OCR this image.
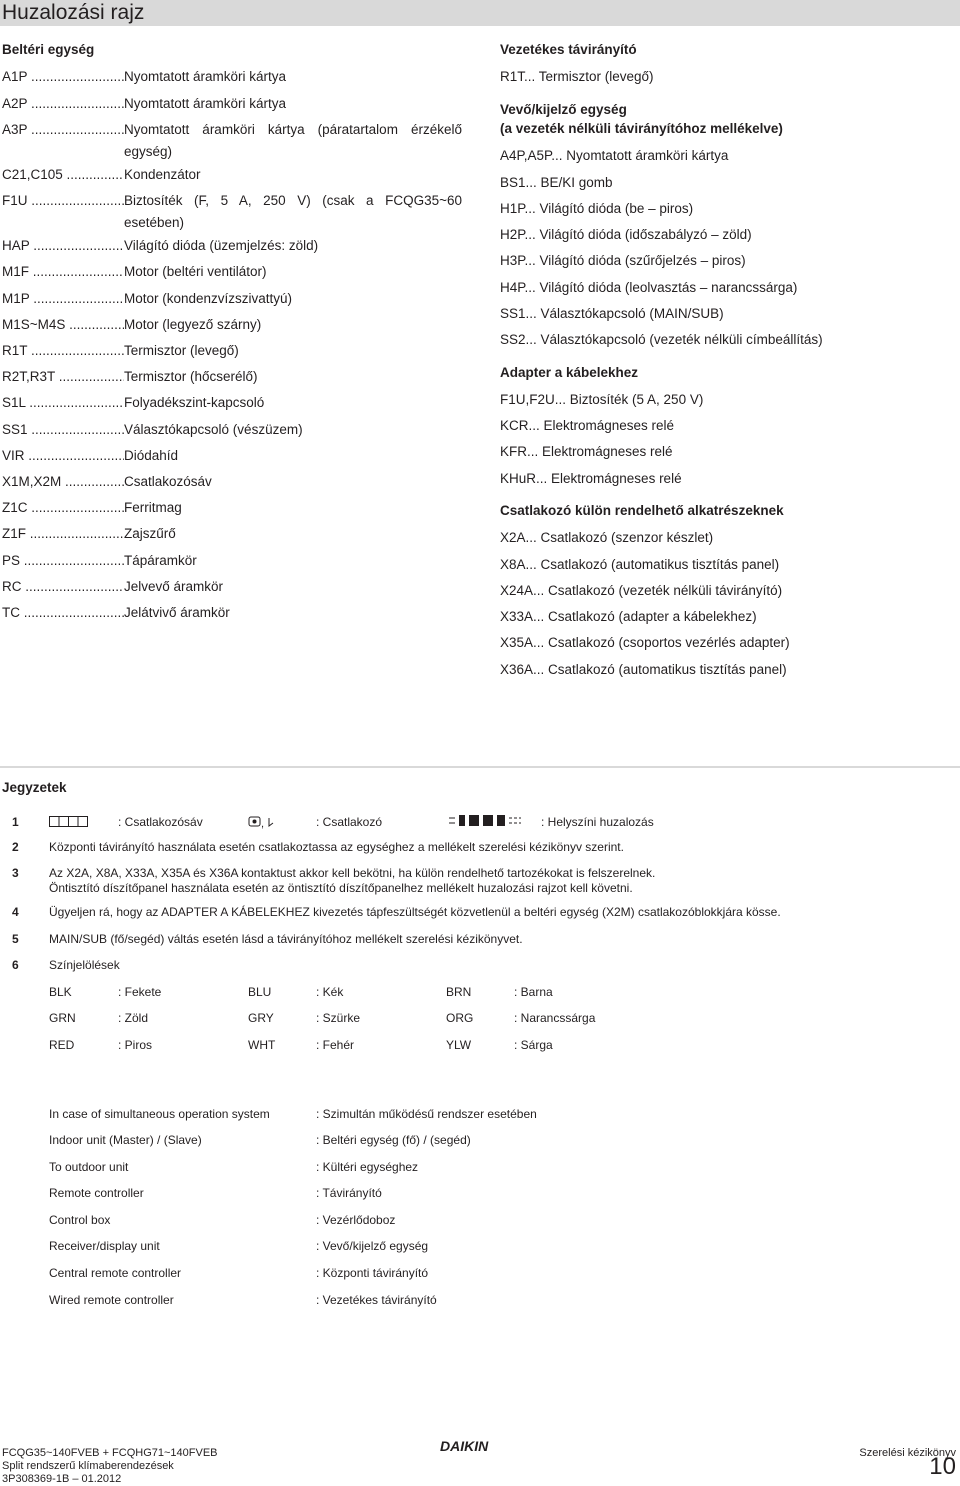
Huzalozási rajz
Beltéri egység
A1P .....	Nyomtatott áramköri kártya
A2P .....	Nyomtatott áramköri kártya
A3P .....	Nyomtatott áramköri kártya (páratartalom érzékelő egység)
C21,C105 .....	Kondenzátor
F1U .....	Biztosíték (F, 5 A, 250 V) (csak a FCQG35~60 esetében)
HAP .....	Világító dióda (üzemjelzés: zöld)
M1F .....	Motor (beltéri ventilátor)
M1P .....	Motor (kondenzvízszivattyú)
M1S~M4S .....	Motor (legyező szárny)
R1T .....	Termisztor (levegő)
R2T,R3T .....	Termisztor (hőcserélő)
S1L .....	Folyadékszint-kapcsoló
SS1 .....	Választókapcsoló (vészüzem)
VIR .....	Diódahíd
X1M,X2M .....	Csatlakozósáv
Z1C .....	Ferritmag
Z1F .....	Zajszűrő
PS .....	Tápáramkör
RC .....	Jelvevő áramkör
TC .....	Jelátvivő áramkör
Vezetékes távirányító
R1T... Termisztor (levegő)
Vevő/kijelző egység
(a vezeték nélküli távirányítóhoz mellékelve)
A4P,A5P... Nyomtatott áramköri kártya
BS1... BE/KI gomb
H1P... Világító dióda (be – piros)
H2P... Világító dióda (időszabályzó – zöld)
H3P... Világító dióda (szűrőjelzés – piros)
H4P... Világító dióda (leolvasztás – narancssárga)
SS1... Választókapcsoló (MAIN/SUB)
SS2... Választókapcsoló (vezeték nélküli címbeállítás)
Adapter a kábelekhez
F1U,F2U... Biztosíték (5 A, 250 V)
KCR... Elektromágneses relé
KFR... Elektromágneses relé
KHuR... Elektromágneses relé
Csatlakozó külön rendelhető alkatrészeknek
X2A... Csatlakozó (szenzor készlet)
X8A... Csatlakozó (automatikus tisztítás panel)
X24A... Csatlakozó (vezeték nélküli távirányító)
X33A... Csatlakozó (adapter a kábelekhez)
X35A... Csatlakozó (csoportos vezérlés adapter)
X36A... Csatlakozó (automatikus tisztítás panel)
Jegyzetek
1	: Csatlakozósáv	,	: Csatlakozó	: Helyszíni huzalozás
2	Központi távirányító használata esetén csatlakoztassa az egységhez a mellékelt szerelési kézikönyv szerint.
3	Az X2A, X8A, X33A, X35A és X36A kontaktust akkor kell bekötni, ha külön rendelhető tartozékokat is felszerelnek.
Öntisztító díszítőpanel használata esetén az öntisztító díszítőpanelhez mellékelt huzalozási rajzot kell követni.
4	Ügyeljen rá, hogy az ADAPTER A KÁBELEKHEZ kivezetés tápfeszültségét közvetlenül a beltéri egység (X2M) csatlakozóblokkjára kösse.
5	MAIN/SUB (fő/segéd) váltás esetén lásd a távirányítóhoz mellékelt szerelési kézikönyvet.
6	Színjelölések
BLK	: Fekete	BLU	: Kék	BRN	: Barna
GRN	: Zöld	GRY	: Szürke	ORG	: Narancssárga
RED	: Piros	WHT	: Fehér	YLW	: Sárga
In case of simultaneous operation system	: Szimultán működésű rendszer esetében
Indoor unit (Master) / (Slave)	: Beltéri egység (fő) / (segéd)
To outdoor unit	: Kültéri egységhez
Remote controller	: Távirányító
Control box	: Vezérlődoboz
Receiver/display unit	: Vevő/kijelző egység
Central remote controller	: Központi távirányító
Wired remote controller	: Vezetékes távirányító
FCQG35~140FVEB + FCQHG71~140FVEB
Split rendszerű klímaberendezések
3P308369-1B – 01.2012
DAIKIN	Szerelési kézikönyv
10
